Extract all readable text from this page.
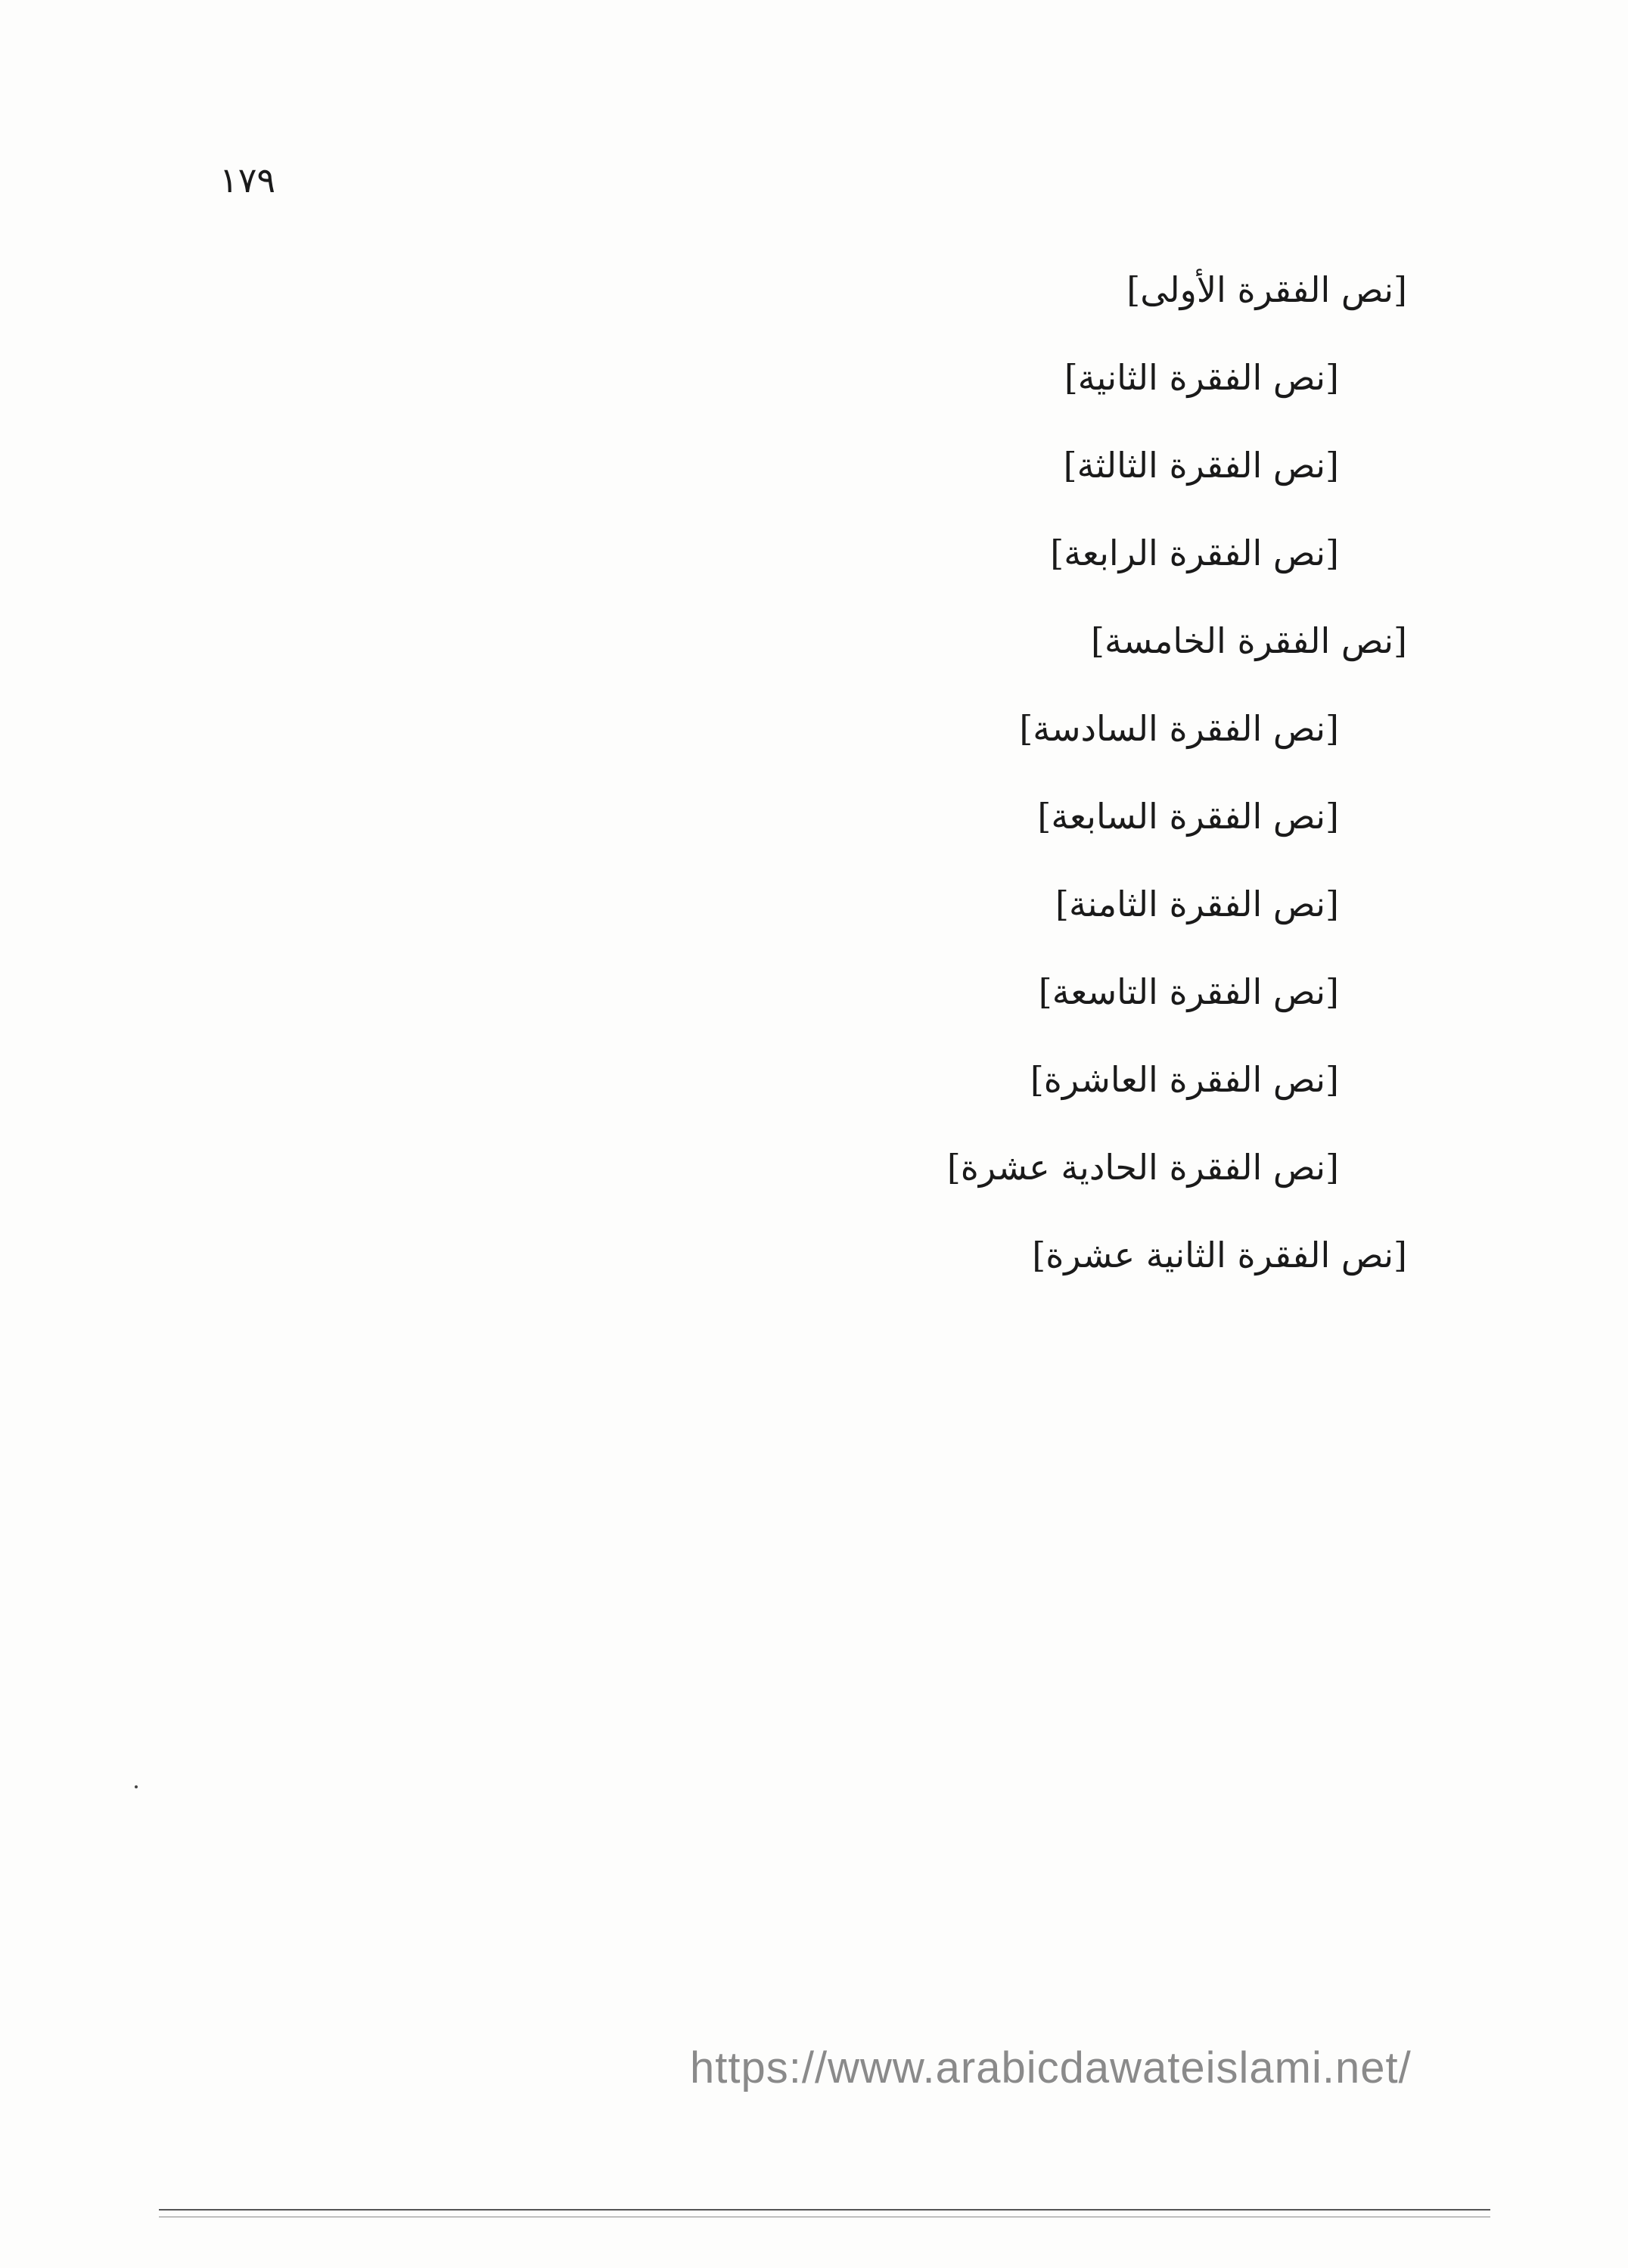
١٧٩

[نص الفقرة الأولى]

[نص الفقرة الثانية]

[نص الفقرة الثالثة]

[نص الفقرة الرابعة]

[نص الفقرة الخامسة]

[نص الفقرة السادسة]

[نص الفقرة السابعة]

[نص الفقرة الثامنة]

[نص الفقرة التاسعة]

[نص الفقرة العاشرة]

[نص الفقرة الحادية عشرة]

[نص الفقرة الثانية عشرة]

https://www.arabicdawateislami.net/
